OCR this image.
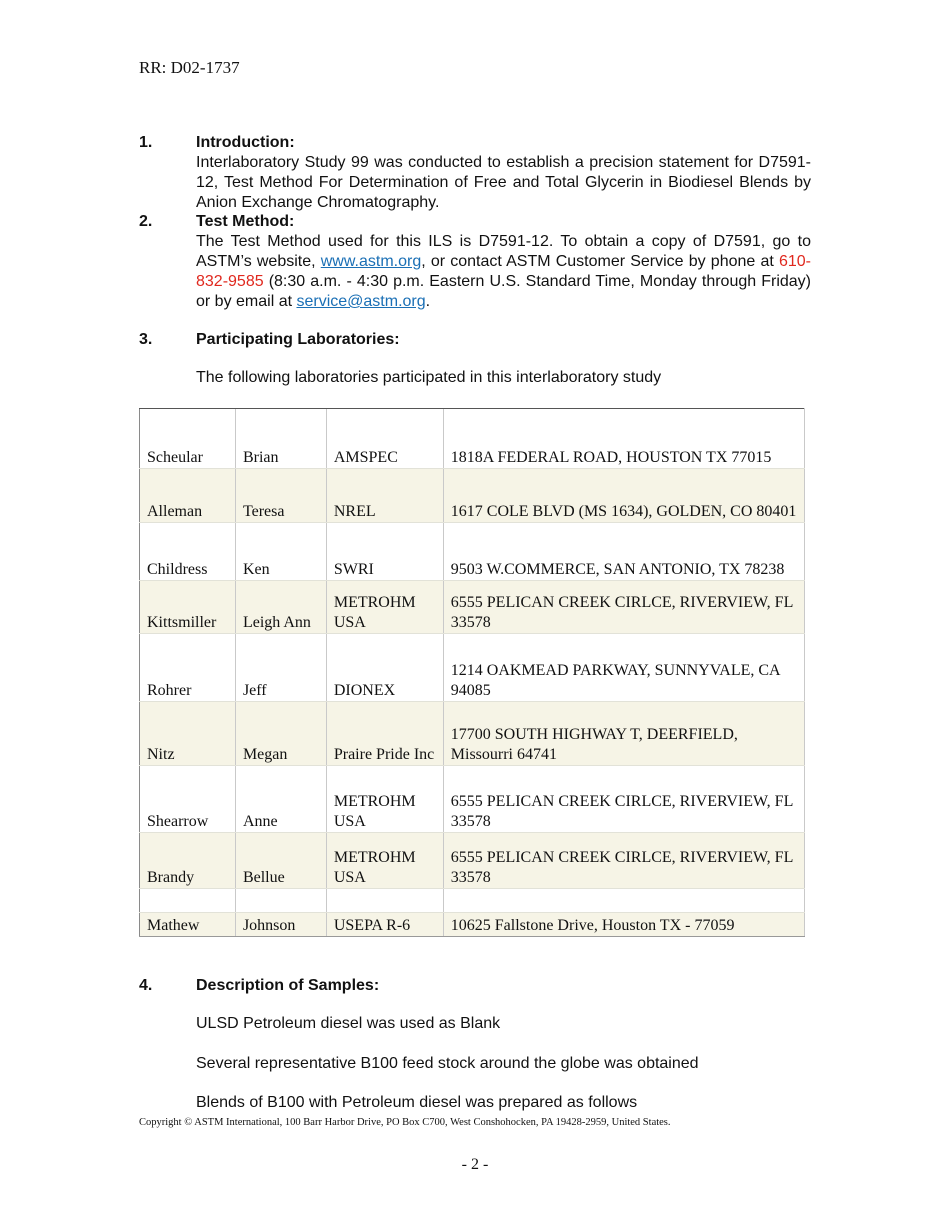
RR: D02-1737
1.	Introduction:
Interlaboratory Study 99 was conducted to establish a precision statement for D7591-12, Test Method For Determination of Free and Total Glycerin in Biodiesel Blends by Anion Exchange Chromatography.
2.	Test Method:
The Test Method used for this ILS is D7591-12. To obtain a copy of D7591, go to ASTM’s website, www.astm.org, or contact ASTM Customer Service by phone at 610-832-9585 (8:30 a.m. - 4:30 p.m. Eastern U.S. Standard Time, Monday through Friday) or by email at service@astm.org.
3.	Participating Laboratories:
The following laboratories participated in this interlaboratory study
Scheular	Brian	AMSPEC	1818A FEDERAL ROAD, HOUSTON TX 77015
Alleman	Teresa	NREL	1617 COLE BLVD (MS 1634), GOLDEN, CO 80401
Childress	Ken	SWRI	9503 W.COMMERCE, SAN ANTONIO, TX 78238
Kittsmiller	Leigh Ann	METROHM USA	6555 PELICAN CREEK CIRLCE, RIVERVIEW, FL 33578
Rohrer	Jeff	DIONEX	1214 OAKMEAD PARKWAY, SUNNYVALE, CA 94085
Nitz	Megan	Praire Pride Inc	17700 SOUTH HIGHWAY T, DEERFIELD, Missourri 64741
Shearrow	Anne	METROHM USA	6555 PELICAN CREEK CIRLCE, RIVERVIEW, FL 33578
Brandy	Bellue	METROHM USA	6555 PELICAN CREEK CIRLCE, RIVERVIEW, FL 33578

Mathew	Johnson	USEPA R-6	10625 Fallstone Drive, Houston TX - 77059
4.	Description of Samples:
ULSD Petroleum diesel was used as Blank
Several representative B100 feed stock around the globe was obtained
Blends of B100 with Petroleum diesel was prepared as follows
Copyright © ASTM International, 100 Barr Harbor Drive, PO Box C700, West Conshohocken, PA 19428-2959, United States.
- 2 -
